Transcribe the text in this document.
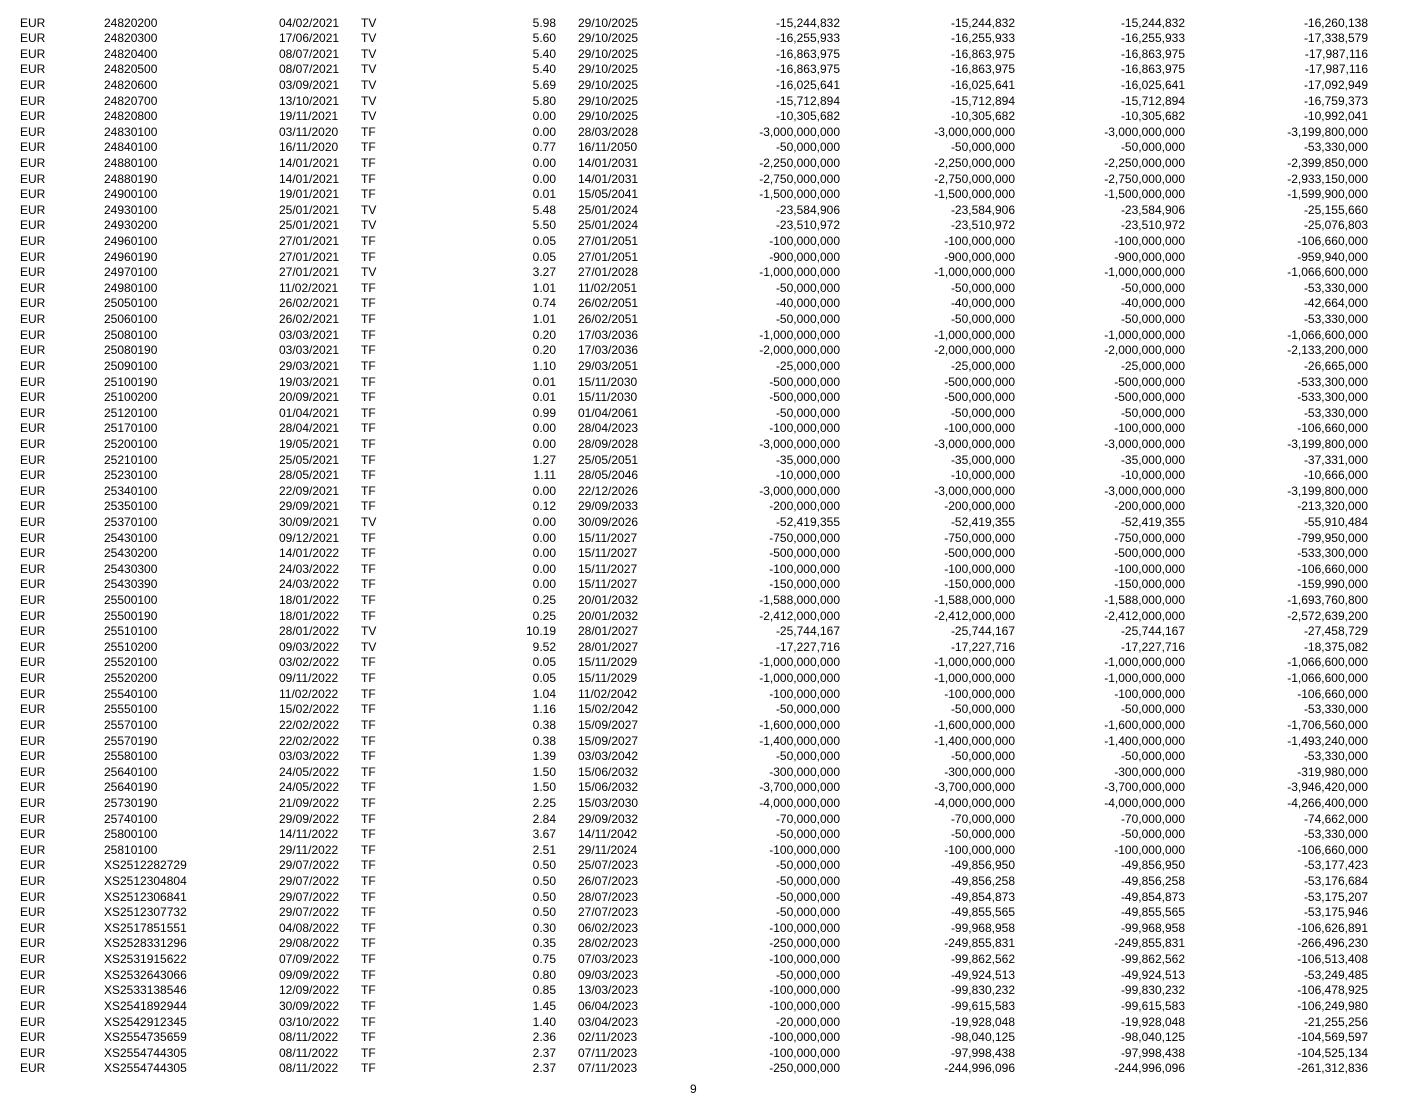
EUR	24820200	04/02/2021 TV	5.98 29/10/2025	-15,244,832	-15,244,832	-15,244,832	-16,260,138
EUR	24820300	17/06/2021 TV	5.60 29/10/2025	-16,255,933	-16,255,933	-16,255,933	-17,338,579
EUR	24820400	08/07/2021 TV	5.40 29/10/2025	-16,863,975	-16,863,975	-16,863,975	-17,987,116
EUR	24820500	08/07/2021 TV	5.40 29/10/2025	-16,863,975	-16,863,975	-16,863,975	-17,987,116
EUR	24820600	03/09/2021 TV	5.69 29/10/2025	-16,025,641	-16,025,641	-16,025,641	-17,092,949
EUR	24820700	13/10/2021 TV	5.80 29/10/2025	-15,712,894	-15,712,894	-15,712,894	-16,759,373
EUR	24820800	19/11/2021 TV	0.00 29/10/2025	-10,305,682	-10,305,682	-10,305,682	-10,992,041
EUR	24830100	03/11/2020 TF	0.00 28/03/2028	-3,000,000,000	-3,000,000,000	-3,000,000,000	-3,199,800,000
EUR	24840100	16/11/2020 TF	0.77 16/11/2050	-50,000,000	-50,000,000	-50,000,000	-53,330,000
EUR	24880100	14/01/2021 TF	0.00 14/01/2031	-2,250,000,000	-2,250,000,000	-2,250,000,000	-2,399,850,000
EUR	24880190	14/01/2021 TF	0.00 14/01/2031	-2,750,000,000	-2,750,000,000	-2,750,000,000	-2,933,150,000
EUR	24900100	19/01/2021 TF	0.01 15/05/2041	-1,500,000,000	-1,500,000,000	-1,500,000,000	-1,599,900,000
EUR	24930100	25/01/2021 TV	5.48 25/01/2024	-23,584,906	-23,584,906	-23,584,906	-25,155,660
EUR	24930200	25/01/2021 TV	5.50 25/01/2024	-23,510,972	-23,510,972	-23,510,972	-25,076,803
EUR	24960100	27/01/2021 TF	0.05 27/01/2051	-100,000,000	-100,000,000	-100,000,000	-106,660,000
EUR	24960190	27/01/2021 TF	0.05 27/01/2051	-900,000,000	-900,000,000	-900,000,000	-959,940,000
EUR	24970100	27/01/2021 TV	3.27 27/01/2028	-1,000,000,000	-1,000,000,000	-1,000,000,000	-1,066,600,000
EUR	24980100	11/02/2021 TF	1.01 11/02/2051	-50,000,000	-50,000,000	-50,000,000	-53,330,000
EUR	25050100	26/02/2021 TF	0.74 26/02/2051	-40,000,000	-40,000,000	-40,000,000	-42,664,000
EUR	25060100	26/02/2021 TF	1.01 26/02/2051	-50,000,000	-50,000,000	-50,000,000	-53,330,000
EUR	25080100	03/03/2021 TF	0.20 17/03/2036	-1,000,000,000	-1,000,000,000	-1,000,000,000	-1,066,600,000
EUR	25080190	03/03/2021 TF	0.20 17/03/2036	-2,000,000,000	-2,000,000,000	-2,000,000,000	-2,133,200,000
EUR	25090100	29/03/2021 TF	1.10 29/03/2051	-25,000,000	-25,000,000	-25,000,000	-26,665,000
EUR	25100190	19/03/2021 TF	0.01 15/11/2030	-500,000,000	-500,000,000	-500,000,000	-533,300,000
EUR	25100200	20/09/2021 TF	0.01 15/11/2030	-500,000,000	-500,000,000	-500,000,000	-533,300,000
EUR	25120100	01/04/2021 TF	0.99 01/04/2061	-50,000,000	-50,000,000	-50,000,000	-53,330,000
EUR	25170100	28/04/2021 TF	0.00 28/04/2023	-100,000,000	-100,000,000	-100,000,000	-106,660,000
EUR	25200100	19/05/2021 TF	0.00 28/09/2028	-3,000,000,000	-3,000,000,000	-3,000,000,000	-3,199,800,000
EUR	25210100	25/05/2021 TF	1.27 25/05/2051	-35,000,000	-35,000,000	-35,000,000	-37,331,000
EUR	25230100	28/05/2021 TF	1.11 28/05/2046	-10,000,000	-10,000,000	-10,000,000	-10,666,000
EUR	25340100	22/09/2021 TF	0.00 22/12/2026	-3,000,000,000	-3,000,000,000	-3,000,000,000	-3,199,800,000
EUR	25350100	29/09/2021 TF	0.12 29/09/2033	-200,000,000	-200,000,000	-200,000,000	-213,320,000
EUR	25370100	30/09/2021 TV	0.00 30/09/2026	-52,419,355	-52,419,355	-52,419,355	-55,910,484
EUR	25430100	09/12/2021 TF	0.00 15/11/2027	-750,000,000	-750,000,000	-750,000,000	-799,950,000
EUR	25430200	14/01/2022 TF	0.00 15/11/2027	-500,000,000	-500,000,000	-500,000,000	-533,300,000
EUR	25430300	24/03/2022 TF	0.00 15/11/2027	-100,000,000	-100,000,000	-100,000,000	-106,660,000
EUR	25430390	24/03/2022 TF	0.00 15/11/2027	-150,000,000	-150,000,000	-150,000,000	-159,990,000
EUR	25500100	18/01/2022 TF	0.25 20/01/2032	-1,588,000,000	-1,588,000,000	-1,588,000,000	-1,693,760,800
EUR	25500190	18/01/2022 TF	0.25 20/01/2032	-2,412,000,000	-2,412,000,000	-2,412,000,000	-2,572,639,200
EUR	25510100	28/01/2022 TV	10.19 28/01/2027	-25,744,167	-25,744,167	-25,744,167	-27,458,729
EUR	25510200	09/03/2022 TV	9.52 28/01/2027	-17,227,716	-17,227,716	-17,227,716	-18,375,082
EUR	25520100	03/02/2022 TF	0.05 15/11/2029	-1,000,000,000	-1,000,000,000	-1,000,000,000	-1,066,600,000
EUR	25520200	09/11/2022 TF	0.05 15/11/2029	-1,000,000,000	-1,000,000,000	-1,000,000,000	-1,066,600,000
EUR	25540100	11/02/2022 TF	1.04 11/02/2042	-100,000,000	-100,000,000	-100,000,000	-106,660,000
EUR	25550100	15/02/2022 TF	1.16 15/02/2042	-50,000,000	-50,000,000	-50,000,000	-53,330,000
EUR	25570100	22/02/2022 TF	0.38 15/09/2027	-1,600,000,000	-1,600,000,000	-1,600,000,000	-1,706,560,000
EUR	25570190	22/02/2022 TF	0.38 15/09/2027	-1,400,000,000	-1,400,000,000	-1,400,000,000	-1,493,240,000
EUR	25580100	03/03/2022 TF	1.39 03/03/2042	-50,000,000	-50,000,000	-50,000,000	-53,330,000
EUR	25640100	24/05/2022 TF	1.50 15/06/2032	-300,000,000	-300,000,000	-300,000,000	-319,980,000
EUR	25640190	24/05/2022 TF	1.50 15/06/2032	-3,700,000,000	-3,700,000,000	-3,700,000,000	-3,946,420,000
EUR	25730190	21/09/2022 TF	2.25 15/03/2030	-4,000,000,000	-4,000,000,000	-4,000,000,000	-4,266,400,000
EUR	25740100	29/09/2022 TF	2.84 29/09/2032	-70,000,000	-70,000,000	-70,000,000	-74,662,000
EUR	25800100	14/11/2022 TF	3.67 14/11/2042	-50,000,000	-50,000,000	-50,000,000	-53,330,000
EUR	25810100	29/11/2022 TF	2.51 29/11/2024	-100,000,000	-100,000,000	-100,000,000	-106,660,000
EUR	XS2512282729	29/07/2022 TF	0.50 25/07/2023	-50,000,000	-49,856,950	-49,856,950	-53,177,423
EUR	XS2512304804	29/07/2022 TF	0.50 26/07/2023	-50,000,000	-49,856,258	-49,856,258	-53,176,684
EUR	XS2512306841	29/07/2022 TF	0.50 28/07/2023	-50,000,000	-49,854,873	-49,854,873	-53,175,207
EUR	XS2512307732	29/07/2022 TF	0.50 27/07/2023	-50,000,000	-49,855,565	-49,855,565	-53,175,946
EUR	XS2517851551	04/08/2022 TF	0.30 06/02/2023	-100,000,000	-99,968,958	-99,968,958	-106,626,891
EUR	XS2528331296	29/08/2022 TF	0.35 28/02/2023	-250,000,000	-249,855,831	-249,855,831	-266,496,230
EUR	XS2531915622	07/09/2022 TF	0.75 07/03/2023	-100,000,000	-99,862,562	-99,862,562	-106,513,408
EUR	XS2532643066	09/09/2022 TF	0.80 09/03/2023	-50,000,000	-49,924,513	-49,924,513	-53,249,485
EUR	XS2533138546	12/09/2022 TF	0.85 13/03/2023	-100,000,000	-99,830,232	-99,830,232	-106,478,925
EUR	XS2541892944	30/09/2022 TF	1.45 06/04/2023	-100,000,000	-99,615,583	-99,615,583	-106,249,980
EUR	XS2542912345	03/10/2022 TF	1.40 03/04/2023	-20,000,000	-19,928,048	-19,928,048	-21,255,256
EUR	XS2554735659	08/11/2022 TF	2.36 02/11/2023	-100,000,000	-98,040,125	-98,040,125	-104,569,597
EUR	XS2554744305	08/11/2022 TF	2.37 07/11/2023	-100,000,000	-97,998,438	-97,998,438	-104,525,134
EUR	XS2554744305	08/11/2022 TF	2.37 07/11/2023	-250,000,000	-244,996,096	-244,996,096	-261,312,836
9
